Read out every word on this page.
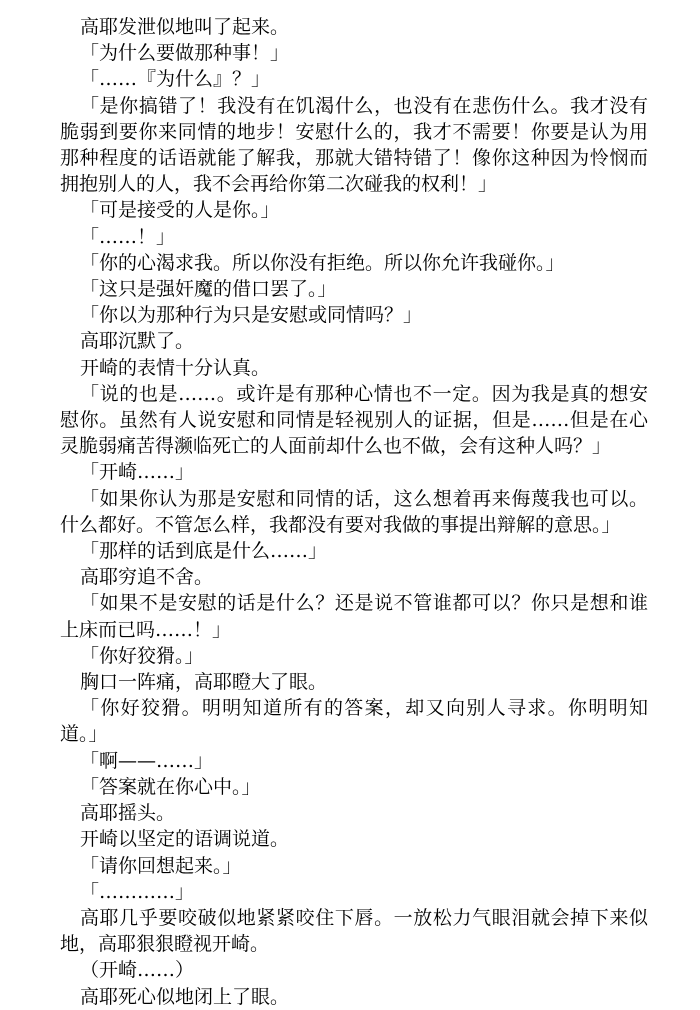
高耶发泄似地叫了起来。

「为什么要做那种事！」

「……『为什么』？」

「是你搞错了！我没有在饥渴什么，也没有在悲伤什么。我才没有脆弱到要你来同情的地步！安慰什么的，我才不需要！你要是认为用那种程度的话语就能了解我，那就大错特错了！像你这种因为怜悯而拥抱别人的人，我不会再给你第二次碰我的权利！」

「可是接受的人是你。」

「……！」

「你的心渴求我。所以你没有拒绝。所以你允许我碰你。」

「这只是强奸魔的借口罢了。」

「你以为那种行为只是安慰或同情吗？」

高耶沉默了。

开崎的表情十分认真。

「说的也是……。或许是有那种心情也不一定。因为我是真的想安慰你。虽然有人说安慰和同情是轻视别人的证据，但是……但是在心灵脆弱痛苦得濒临死亡的人面前却什么也不做，会有这种人吗？」

「开崎……」

「如果你认为那是安慰和同情的话，这么想着再来侮蔑我也可以。什么都好。不管怎么样，我都没有要对我做的事提出辩解的意思。」

「那样的话到底是什么……」

高耶穷追不舍。

「如果不是安慰的话是什么？还是说不管谁都可以？你只是想和谁上床而已吗……！」

「你好狡猾。」

胸口一阵痛，高耶瞪大了眼。

「你好狡猾。明明知道所有的答案，却又向别人寻求。你明明知道。」

「啊——……」

「答案就在你心中。」

高耶摇头。

开崎以坚定的语调说道。

「请你回想起来。」

「…………」

高耶几乎要咬破似地紧紧咬住下唇。一放松力气眼泪就会掉下来似地，高耶狠狠瞪视开崎。

（开崎……）

高耶死心似地闭上了眼。
